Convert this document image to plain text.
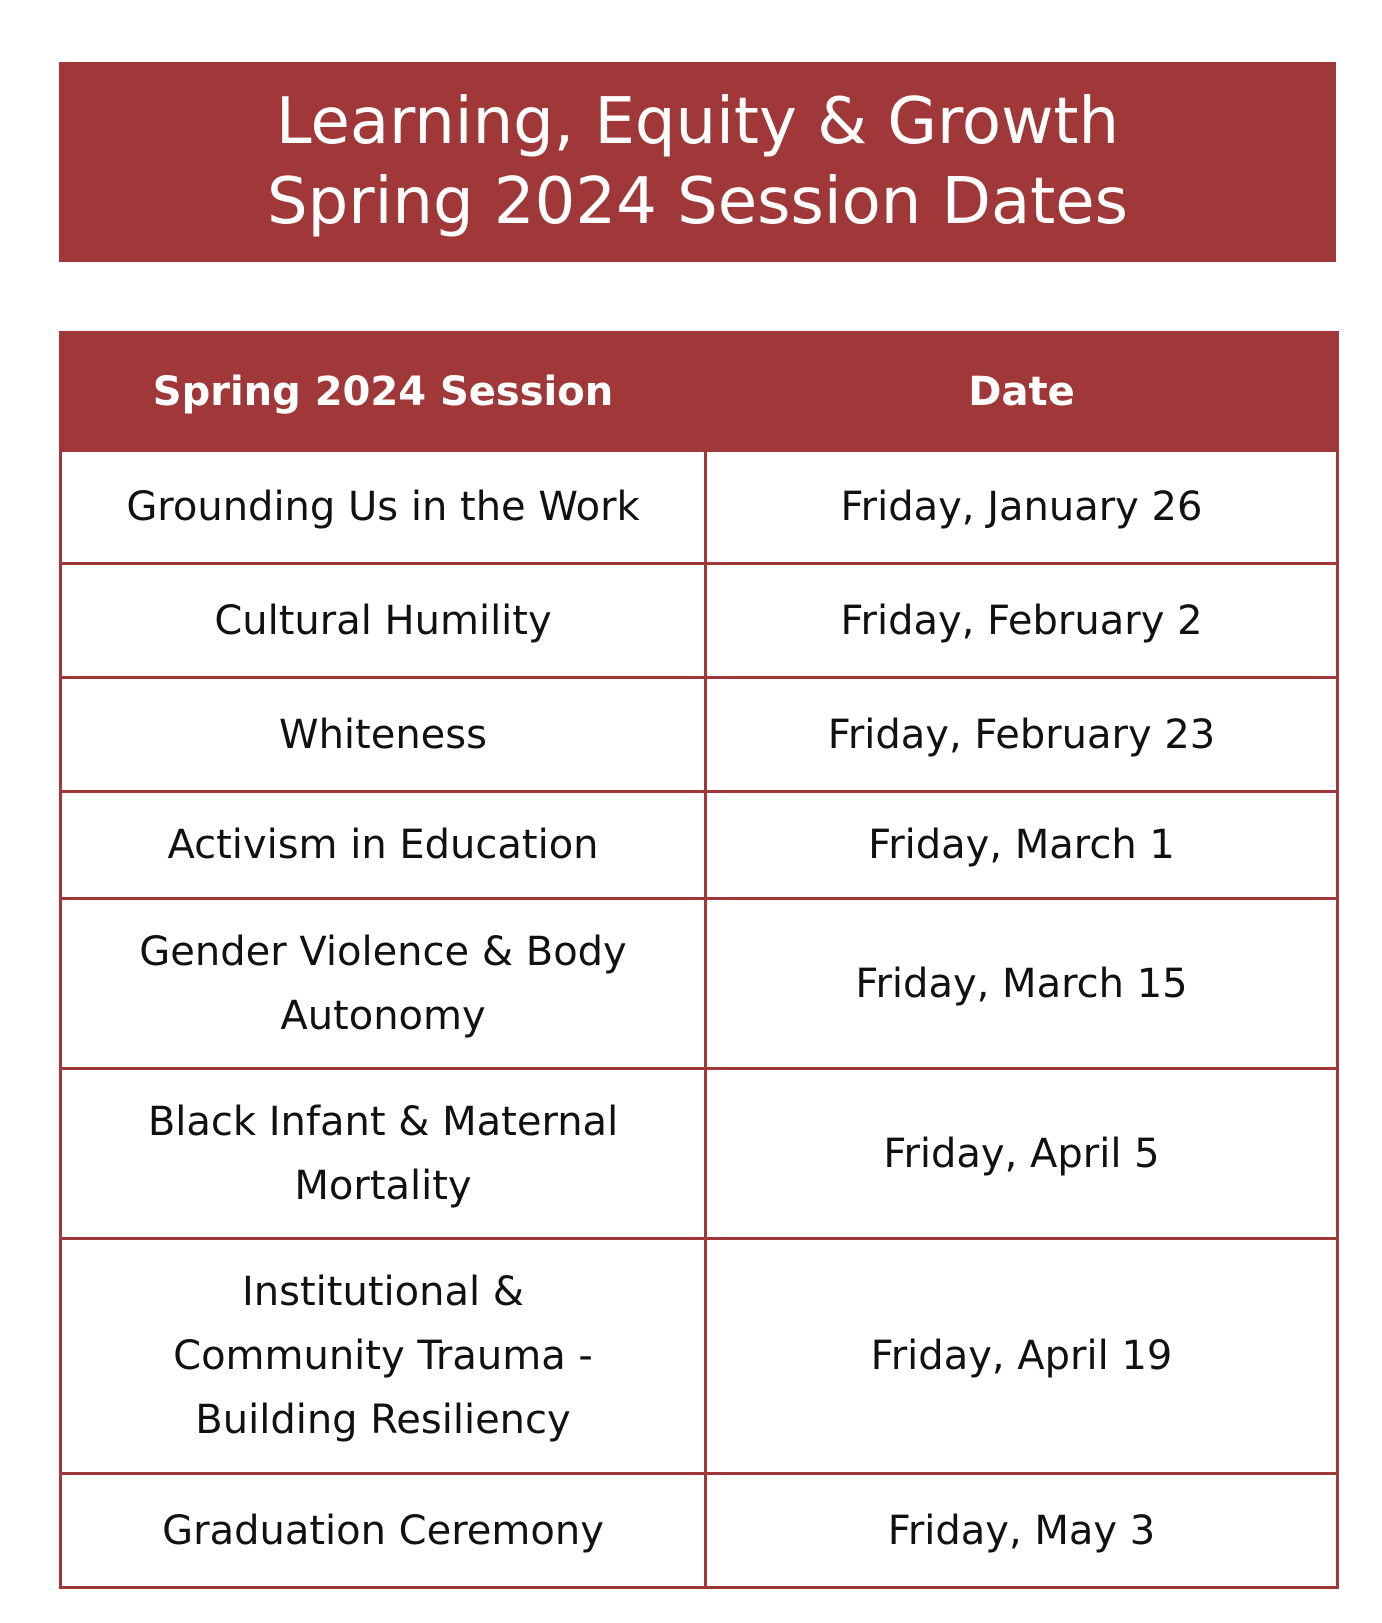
Learning, Equity & Growth
Spring 2024 Session Dates
Spring 2024 Session	Date
Grounding Us in the Work	Friday, January 26
Cultural Humility	Friday, February 2
Whiteness	Friday, February 23
Activism in Education	Friday, March 1
Gender Violence & Body
Autonomy	Friday, March 15
Black Infant & Maternal
Mortality	Friday, April 5
Institutional &
Community Trauma -
Building Resiliency	Friday, April 19
Graduation Ceremony	Friday, May 3
